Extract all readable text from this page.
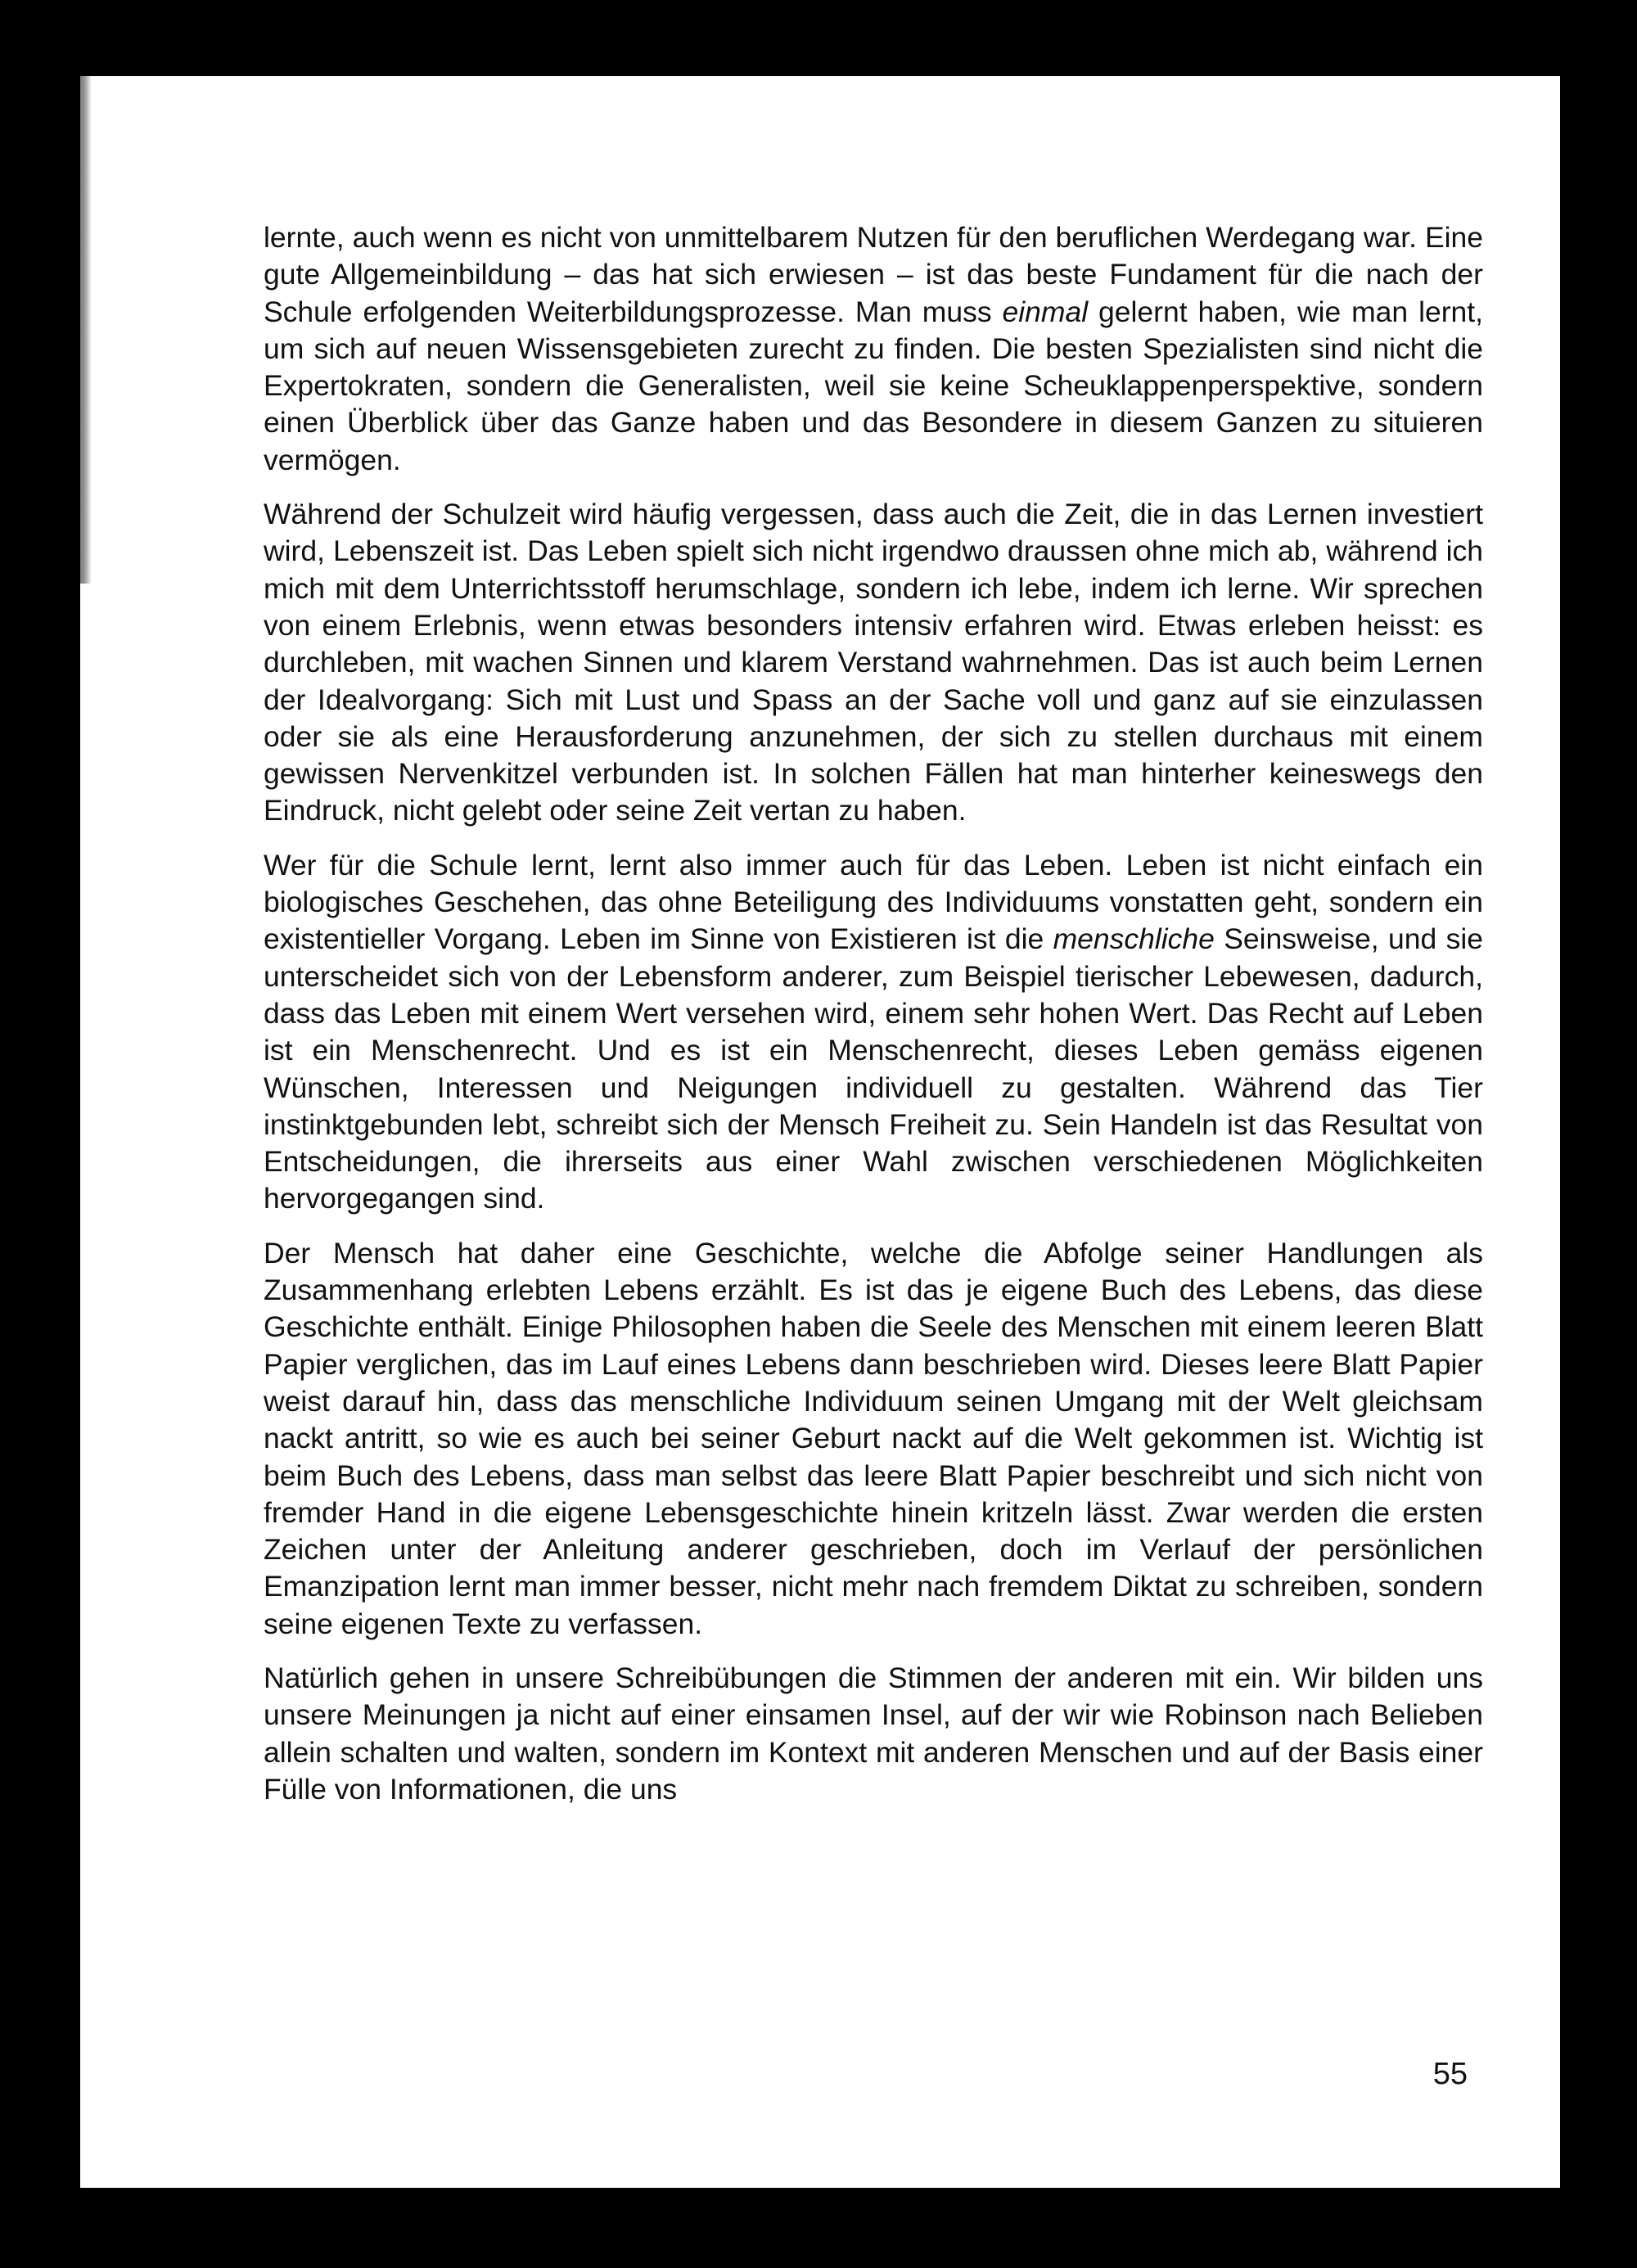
lernte, auch wenn es nicht von unmittelbarem Nutzen für den beruflichen Werdegang war. Eine gute Allgemeinbildung – das hat sich erwiesen – ist das beste Fundament für die nach der Schule erfolgenden Weiterbildungsprozesse. Man muss einmal gelernt haben, wie man lernt, um sich auf neuen Wissensgebieten zurecht zu finden. Die besten Spezialisten sind nicht die Expertokraten, sondern die Generalisten, weil sie keine Scheuklappenperspektive, sondern einen Überblick über das Ganze haben und das Besondere in diesem Ganzen zu situieren vermögen.

Während der Schulzeit wird häufig vergessen, dass auch die Zeit, die in das Lernen investiert wird, Lebenszeit ist. Das Leben spielt sich nicht irgendwo draussen ohne mich ab, während ich mich mit dem Unterrichtsstoff herumschlage, sondern ich lebe, indem ich lerne. Wir sprechen von einem Erlebnis, wenn etwas besonders intensiv erfahren wird. Etwas erleben heisst: es durchleben, mit wachen Sinnen und klarem Verstand wahrnehmen. Das ist auch beim Lernen der Idealvorgang: Sich mit Lust und Spass an der Sache voll und ganz auf sie einzulassen oder sie als eine Herausforderung anzunehmen, der sich zu stellen durchaus mit einem gewissen Nervenkitzel verbunden ist. In solchen Fällen hat man hinterher keineswegs den Eindruck, nicht gelebt oder seine Zeit vertan zu haben.

Wer für die Schule lernt, lernt also immer auch für das Leben. Leben ist nicht einfach ein biologisches Geschehen, das ohne Beteiligung des Individuums vonstatten geht, sondern ein existentieller Vorgang. Leben im Sinne von Existieren ist die menschliche Seinsweise, und sie unterscheidet sich von der Lebensform anderer, zum Beispiel tierischer Lebewesen, dadurch, dass das Leben mit einem Wert versehen wird, einem sehr hohen Wert. Das Recht auf Leben ist ein Menschenrecht. Und es ist ein Menschenrecht, dieses Leben gemäss eigenen Wünschen, Interessen und Neigungen individuell zu gestalten. Während das Tier instinktgebunden lebt, schreibt sich der Mensch Freiheit zu. Sein Handeln ist das Resultat von Entscheidungen, die ihrerseits aus einer Wahl zwischen verschiedenen Möglichkeiten hervorgegangen sind.

Der Mensch hat daher eine Geschichte, welche die Abfolge seiner Handlungen als Zusammenhang erlebten Lebens erzählt. Es ist das je eigene Buch des Lebens, das diese Geschichte enthält. Einige Philosophen haben die Seele des Menschen mit einem leeren Blatt Papier verglichen, das im Lauf eines Lebens dann beschrieben wird. Dieses leere Blatt Papier weist darauf hin, dass das menschliche Individuum seinen Umgang mit der Welt gleichsam nackt antritt, so wie es auch bei seiner Geburt nackt auf die Welt gekommen ist. Wichtig ist beim Buch des Lebens, dass man selbst das leere Blatt Papier beschreibt und sich nicht von fremder Hand in die eigene Lebensgeschichte hinein kritzeln lässt. Zwar werden die ersten Zeichen unter der Anleitung anderer geschrieben, doch im Verlauf der persönlichen Emanzipation lernt man immer besser, nicht mehr nach fremdem Diktat zu schreiben, sondern seine eigenen Texte zu verfassen.

Natürlich gehen in unsere Schreibübungen die Stimmen der anderen mit ein. Wir bilden uns unsere Meinungen ja nicht auf einer einsamen Insel, auf der wir wie Robinson nach Belieben allein schalten und walten, sondern im Kontext mit anderen Menschen und auf der Basis einer Fülle von Informationen, die uns

55
